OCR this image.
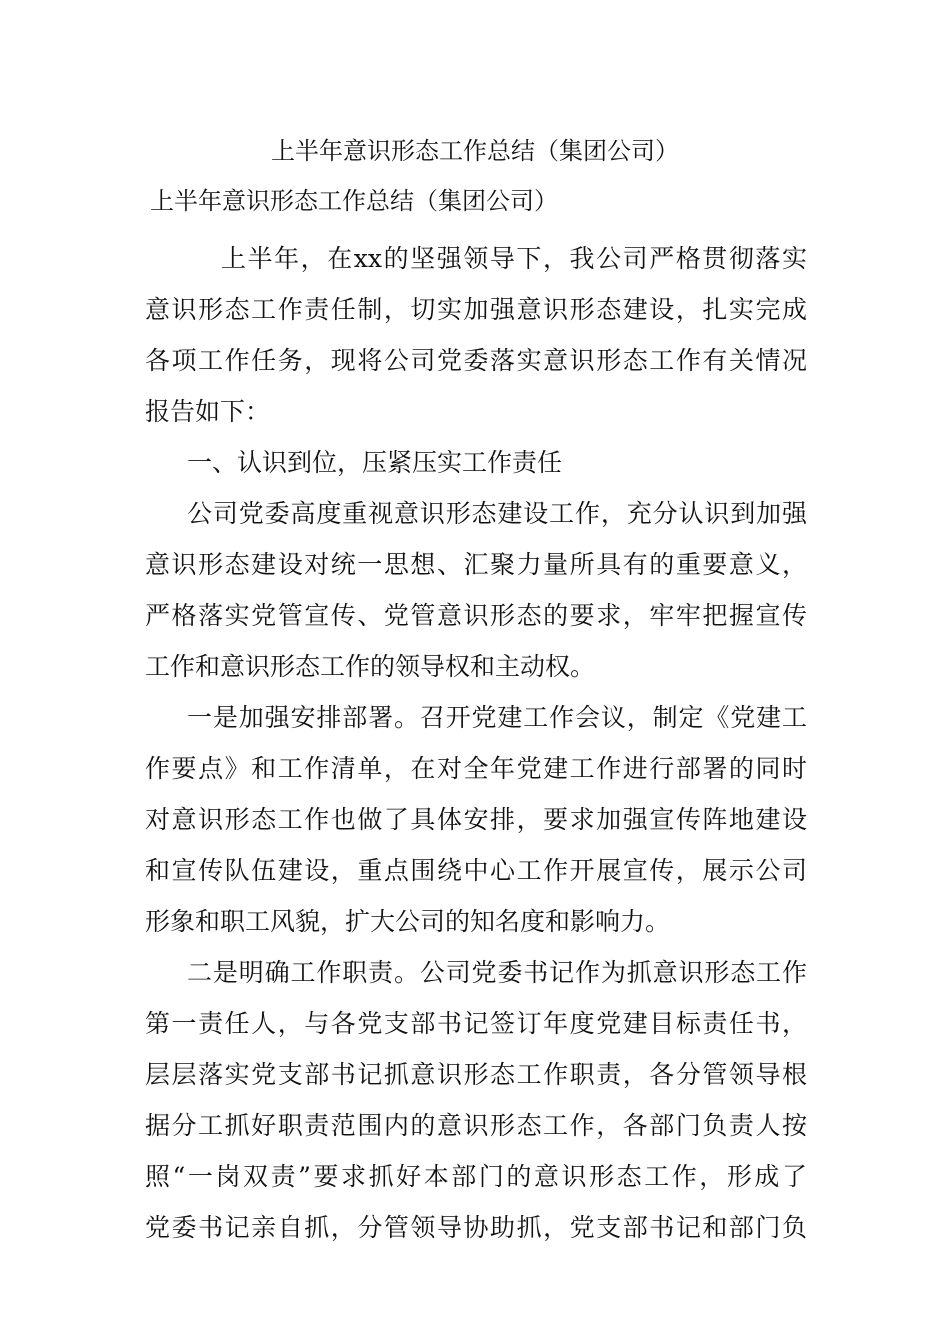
上半年意识形态工作总结（集团公司）
上半年意识形态工作总结（集团公司）
上半年，在xx的坚强领导下，我公司严格贯彻落实
意识形态工作责任制，切实加强意识形态建设，扎实完成
各项工作任务，现将公司党委落实意识形态工作有关情况
报告如下：
一、认识到位，压紧压实工作责任
公司党委高度重视意识形态建设工作，充分认识到加强
意识形态建设对统一思想、汇聚力量所具有的重要意义，
严格落实党管宣传、党管意识形态的要求，牢牢把握宣传
工作和意识形态工作的领导权和主动权。
一是加强安排部署。召开党建工作会议，制定《党建工
作要点》和工作清单，在对全年党建工作进行部署的同时
对意识形态工作也做了具体安排，要求加强宣传阵地建设
和宣传队伍建设，重点围绕中心工作开展宣传，展示公司
形象和职工风貌，扩大公司的知名度和影响力。
二是明确工作职责。公司党委书记作为抓意识形态工作
第一责任人，与各党支部书记签订年度党建目标责任书，
层层落实党支部书记抓意识形态工作职责，各分管领导根
据分工抓好职责范围内的意识形态工作，各部门负责人按
照“一岗双责”要求抓好本部门的意识形态工作，形成了
党委书记亲自抓，分管领导协助抓，党支部书记和部门负
